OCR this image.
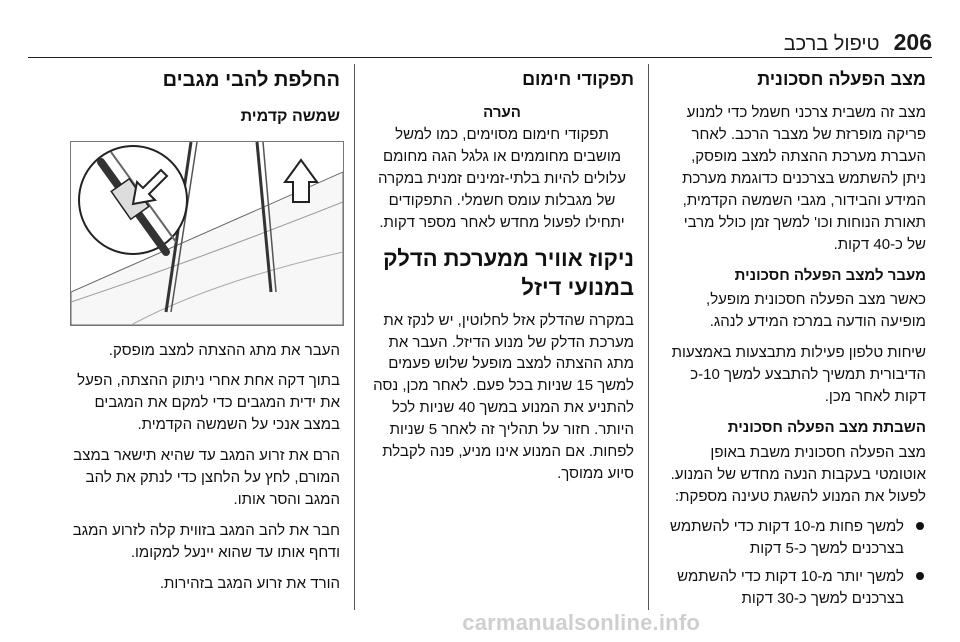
206
טיפול ברכב
מצב הפעלה חסכונית

מצב זה משבית צרכני חשמל כדי למנוע פריקה מופרזת של מצבר הרכב. לאחר העברת מערכת ההצתה למצב מופסק, ניתן להשתמש בצרכנים כדוגמת מערכת המידע והבידור, מגבי השמשה הקדמית, תאורת הנוחות וכו' למשך זמן כולל מרבי של כ-40 דקות.

מעבר למצב הפעלה חסכונית

כאשר מצב הפעלה חסכונית מופעל, מופיעה הודעה במרכז המידע לנהג.

שיחות טלפון פעילות מתבצעות באמצעות הדיבורית תמשיך להתבצע למשך 10-כ דקות לאחר מכן.

השבתת מצב הפעלה חסכונית

מצב הפעלה חסכונית משבת באופן אוטומטי בעקבות הנעה מחדש של המנוע. לפעול את המנוע להשגת טעינה מספקת:

למשך פחות מ-10 דקות כדי להשתמש בצרכנים למשך כ-5 דקות
למשך יותר מ-10 דקות כדי להשתמש בצרכנים למשך כ-30 דקות
תפקודי חימום
הערה

תפקודי חימום מסוימים, כמו למשל מושבים מחוממים או גלגל הגה מחומם עלולים להיות בלתי-זמינים זמנית במקרה של מגבלות עומס חשמלי. התפקודים יתחילו לפעול מחדש לאחר מספר דקות.

ניקוז אוויר ממערכת הדלק במנועי דיזל

במקרה שהדלק אזל לחלוטין, יש לנקז את מערכת הדלק של מנוע הדיזל. העבר את מתג ההצתה למצב מופעל שלוש פעמים למשך 15 שניות בכל פעם. לאחר מכן, נסה להתניע את המנוע במשך 40 שניות לכל היותר. חזור על תהליך זה לאחר 5 שניות לפחות. אם המנוע אינו מניע, פנה לקבלת סיוע ממוסך.

החלפת להבי מגבים
שמשה קדמית

העבר את מתג ההצתה למצב מופסק.

בתוך דקה אחת אחרי ניתוק ההצתה, הפעל את ידית המגבים כדי למקם את המגבים במצב אנכי על השמשה הקדמית.

הרם את זרוע המגב עד שהיא תישאר במצב המורם, לחץ על הלחצן כדי לנתק את להב המגב והסר אותו.

חבר את להב המגב בזווית קלה לזרוע המגב ודחף אותו עד שהוא יינעל למקומו.

הורד את זרוע המגב בזהירות.

carmanualsonline.info
